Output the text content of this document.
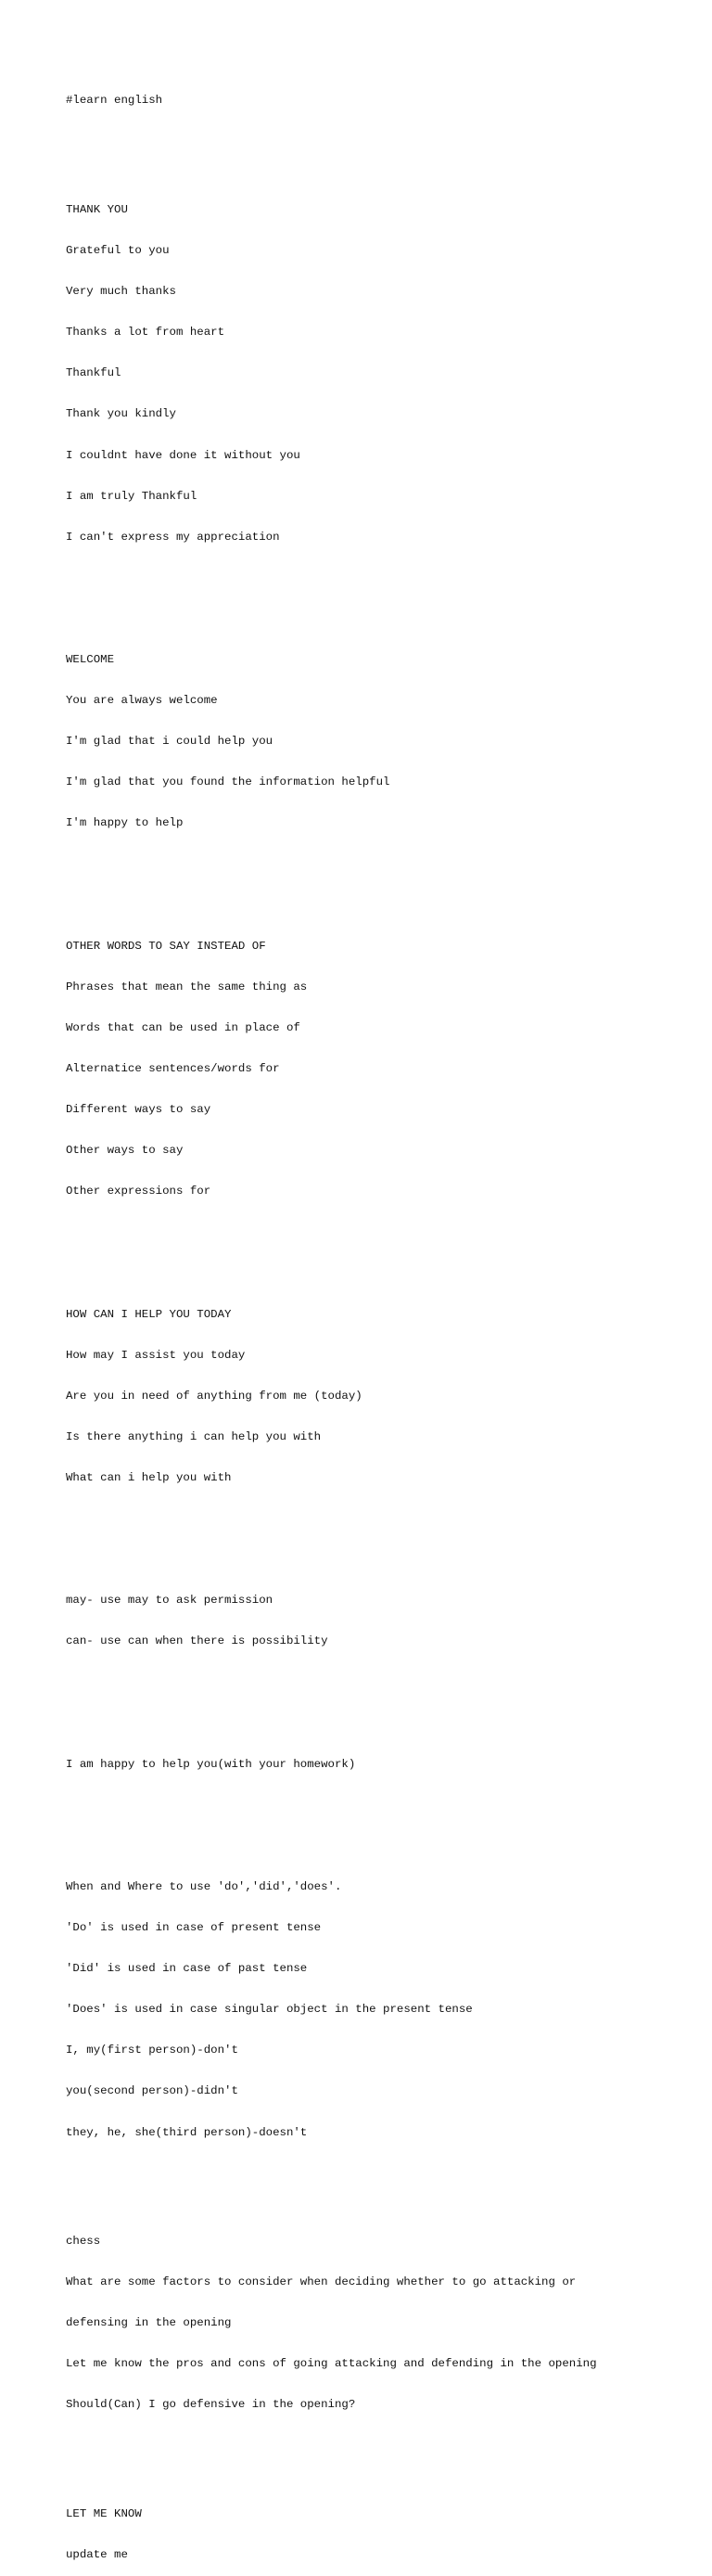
#learn english

THANK YOU

Grateful to you

Very much thanks

Thanks a lot from heart

Thankful

Thank you kindly

I couldnt have done it without you

I am truly Thankful

I can't express my appreciation

WELCOME

You are always welcome

I'm glad that i could help you

I'm glad that you found the information helpful

I'm happy to help

OTHER WORDS TO SAY INSTEAD OF

Phrases that mean the same thing as

Words that can be used in place of

Alternatice sentences/words for

Different ways to say

Other ways to say

Other expressions for

HOW CAN I HELP YOU TODAY

How may I assist you today

Are you in need of anything from me (today)

Is there anything i can help you with

What can i help you with

may- use may to ask permission

can- use can when there is possibility

I am happy to help you(with your homework)

When and Where to use 'do','did','does'.

'Do' is used in case of present tense

'Did' is used in case of past tense

'Does' is used in case singular object in the present tense

I, my(first person)-don't

you(second person)-didn't

they, he, she(third person)-doesn't

chess

What are some factors to consider when deciding whether to go attacking or

defensing in the opening

Let me know the pros and cons of going attacking and defending in the opening

Should(Can) I go defensive in the opening?

LET ME KNOW

update me
